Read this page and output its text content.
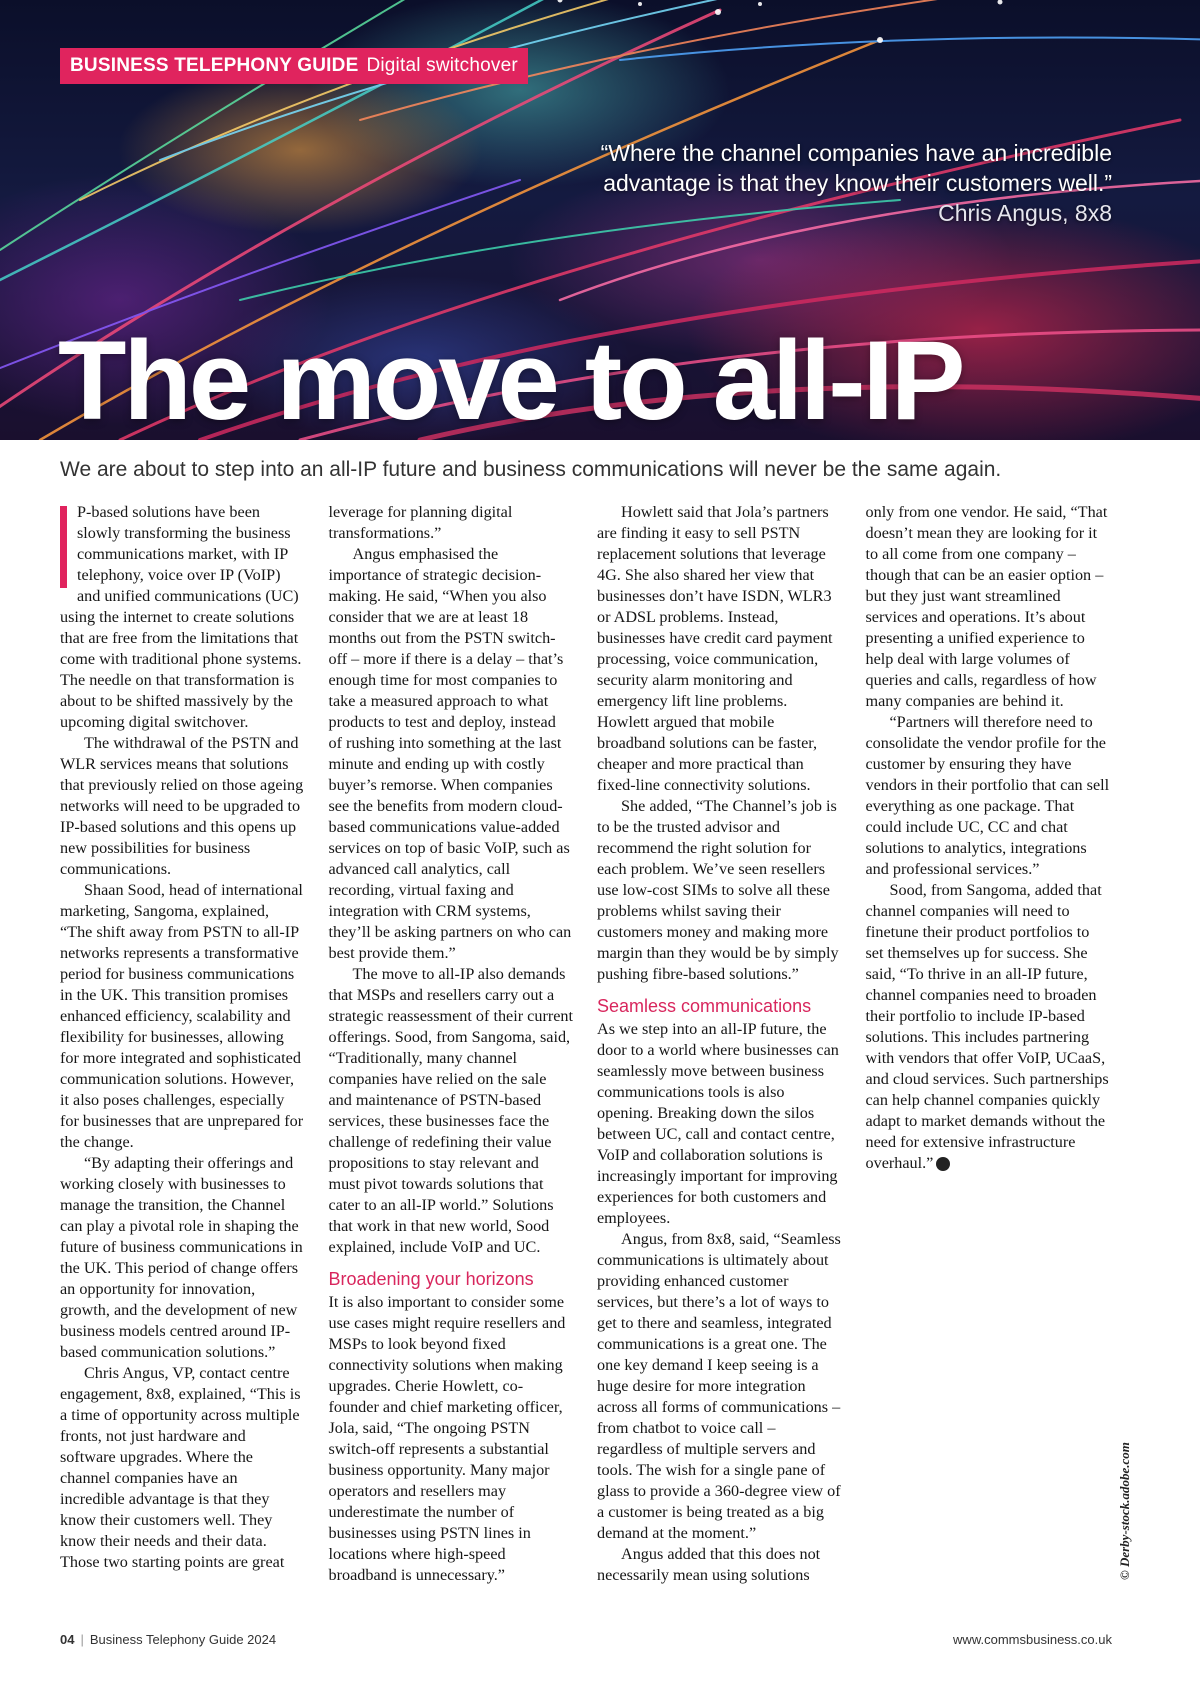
BUSINESS TELEPHONY GUIDE Digital switchover
“Where the channel companies have an incredible advantage is that they know their customers well.”
Chris Angus, 8x8
The move to all-IP

We are about to step into an all-IP future and business communications will never be the same again.

P-based solutions have been slowly transforming the business communications market, with IP telephony, voice over IP (VoIP) and unified communications (UC) using the internet to create solutions that are free from the limitations that come with traditional phone systems. The needle on that transformation is about to be shifted massively by the upcoming digital switchover.

The withdrawal of the PSTN and WLR services means that solutions that previously relied on those ageing networks will need to be upgraded to IP-based solutions and this opens up new possibilities for business communications.

Shaan Sood, head of international marketing, Sangoma, explained, “The shift away from PSTN to all-IP networks represents a transformative period for business communications in the UK. This transition promises enhanced efficiency, scalability and flexibility for businesses, allowing for more integrated and sophisticated communication solutions. However, it also poses challenges, especially for businesses that are unprepared for the change.

“By adapting their offerings and working closely with businesses to manage the transition, the Channel can play a pivotal role in shaping the future of business communications in the UK. This period of change offers an opportunity for innovation, growth, and the development of new business models centred around IP-based communication solutions.”

Chris Angus, VP, contact centre engagement, 8x8, explained, “This is a time of opportunity across multiple fronts, not just hardware and software upgrades. Where the channel companies have an incredible advantage is that they know their customers well. They know their needs and their data. Those two starting points are great leverage for planning digital transformations.”

Angus emphasised the importance of strategic decision-making. He said, “When you also consider that we are at least 18 months out from the PSTN switch-off – more if there is a delay – that’s enough time for most companies to take a measured approach to what products to test and deploy, instead of rushing into something at the last minute and ending up with costly buyer’s remorse. When companies see the benefits from modern cloud-based communications value-added services on top of basic VoIP, such as advanced call analytics, call recording, virtual faxing and integration with CRM systems, they’ll be asking partners on who can best provide them.”

The move to all-IP also demands that MSPs and resellers carry out a strategic reassessment of their current offerings. Sood, from Sangoma, said, “Traditionally, many channel companies have relied on the sale and maintenance of PSTN-based services, these businesses face the challenge of redefining their value propositions to stay relevant and must pivot towards solutions that cater to an all-IP world.” Solutions that work in that new world, Sood explained, include VoIP and UC.

Broadening your horizons

It is also important to consider some use cases might require resellers and MSPs to look beyond fixed connectivity solutions when making upgrades. Cherie Howlett, co-founder and chief marketing officer, Jola, said, “The ongoing PSTN switch-off represents a substantial business opportunity. Many major operators and resellers may underestimate the number of businesses using PSTN lines in locations where high-speed broadband is unnecessary.”

Howlett said that Jola’s partners are finding it easy to sell PSTN replacement solutions that leverage 4G. She also shared her view that businesses don’t have ISDN, WLR3 or ADSL problems. Instead, businesses have credit card payment processing, voice communication, security alarm monitoring and emergency lift line problems. Howlett argued that mobile broadband solutions can be faster, cheaper and more practical than fixed-line connectivity solutions.

She added, “The Channel’s job is to be the trusted advisor and recommend the right solution for each problem. We’ve seen resellers use low-cost SIMs to solve all these problems whilst saving their customers money and making more margin than they would be by simply pushing fibre-based solutions.”

Seamless communications

As we step into an all-IP future, the door to a world where businesses can seamlessly move between business communications tools is also opening. Breaking down the silos between UC, call and contact centre, VoIP and collaboration solutions is increasingly important for improving experiences for both customers and employees.

Angus, from 8x8, said, “Seamless communications is ultimately about providing enhanced customer services, but there’s a lot of ways to get to there and seamless, integrated communications is a great one. The one key demand I keep seeing is a huge desire for more integration across all forms of communications – from chatbot to voice call – regardless of multiple servers and tools. The wish for a single pane of glass to provide a 360-degree view of a customer is being treated as a big demand at the moment.”

Angus added that this does not necessarily mean using solutions only from one vendor. He said, “That doesn’t mean they are looking for it to all come from one company – though that can be an easier option – but they just want streamlined services and operations. It’s about presenting a unified experience to help deal with large volumes of queries and calls, regardless of how many companies are behind it.

“Partners will therefore need to consolidate the vendor profile for the customer by ensuring they have vendors in their portfolio that can sell everything as one package. That could include UC, CC and chat solutions to analytics, integrations and professional services.”

Sood, from Sangoma, added that channel companies will need to finetune their product portfolios to set themselves up for success. She said, “To thrive in an all-IP future, channel companies need to broaden their portfolio to include IP-based solutions. This includes partnering with vendors that offer VoIP, UCaaS, and cloud services. Such partnerships can help channel companies quickly adapt to market demands without the need for extensive infrastructure overhaul.”	CB

© Derby-stock.adobe.com
04 | Business Telephony Guide 2024	www.commsbusiness.co.uk
